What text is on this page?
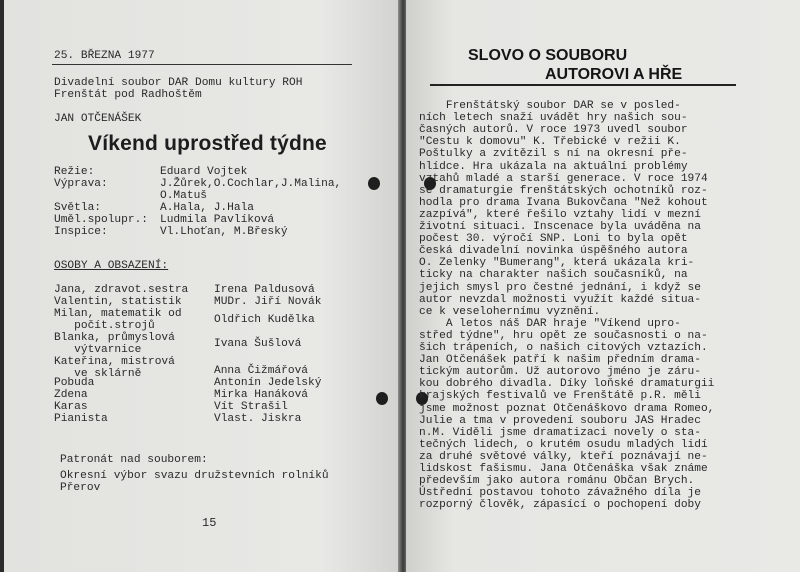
25. BŘEZNA 1977
Divadelní soubor DAR Domu kultury ROH
Frenštát pod Radhoštěm
JAN OTČENÁŠEK
Víkend uprostřed týdne
Režie:	Eduard Vojtek
Výprava:	J.Žůrek,O.Cochlar,J.Malina,
O.Matuš
Světla:	A.Hala, J.Hala
Uměl.spolupr.: Ludmila Pavlíková
Inspice:	Vl.Lhoťan, M.Břeský
OSOBY A OBSAZENÍ:
Jana, zdravot.sestra Irena Paldusová
Valentin, statistik	MUDr. Jiří Novák
Milan, matematik od
počít.strojů	Oldřich Kudělka
Blanka, průmyslová
výtvarnice	Ivana Šušlová
Kateřina, mistrová
ve sklárně	Anna Čižmářová
Pobuda	Antonín Jedelský
Zdena	Mirka Hanáková
Karas	Vít Strašil
Pianista	Vlast. Jiskra
Patronát nad souborem:
Okresní výbor svazu družstevních rolníků
Přerov
15
SLOVO O SOUBORU
AUTOROVI A HŘE
Frenštátský soubor DAR se v posled-
ních letech snaží uvádět hry našich sou-
časných autorů. V roce 1973 uvedl soubor
"Cestu k domovu" K. Třebické v režii K.
Poštulky a zvítězil s ní na okresní pře-
hlídce. Hra ukázala na aktuální problémy
vztahů mladé a starší generace. V roce 1974
se dramaturgie frenštátských ochotníků roz-
hodla pro drama Ivana Bukovčana "Než kohout
zazpívá", které řešilo vztahy lidí v mezní
životní situaci. Inscenace byla uváděna na
počest 30. výročí SNP. Loni to byla opět
česká divadelní novinka úspěšného autora
O. Zelenky "Bumerang", která ukázala kri-
ticky na charakter našich současníků, na
jejich smysl pro čestné jednání, i když se
autor nevzdal možnosti využít každé situa-
ce k veselohernímu vyznění.
A letos náš DAR hraje "Víkend upro-
střed týdne", hru opět ze současnosti o na-
šich trápeních, o našich citových vztazích.
Jan Otčenášek patří k našim předním drama-
tickým autorům. Už autorovo jméno je záru-
kou dobrého divadla. Díky loňské dramaturgii
krajských festivalů ve Frenštátě p.R. měli
jsme možnost poznat Otčenáškovo drama Romeo,
Julie a tma v provedení souboru JAS Hradec
n.M. Viděli jsme dramatizaci novely o sta-
tečných lidech, o krutém osudu mladých lidí
za druhé světové války, kteří poznávají ne-
lidskost fašismu. Jana Otčenáška však známe
především jako autora románu Občan Brych.
Ústřední postavou tohoto závažného díla je
rozporný člověk, zápasící o pochopení doby
